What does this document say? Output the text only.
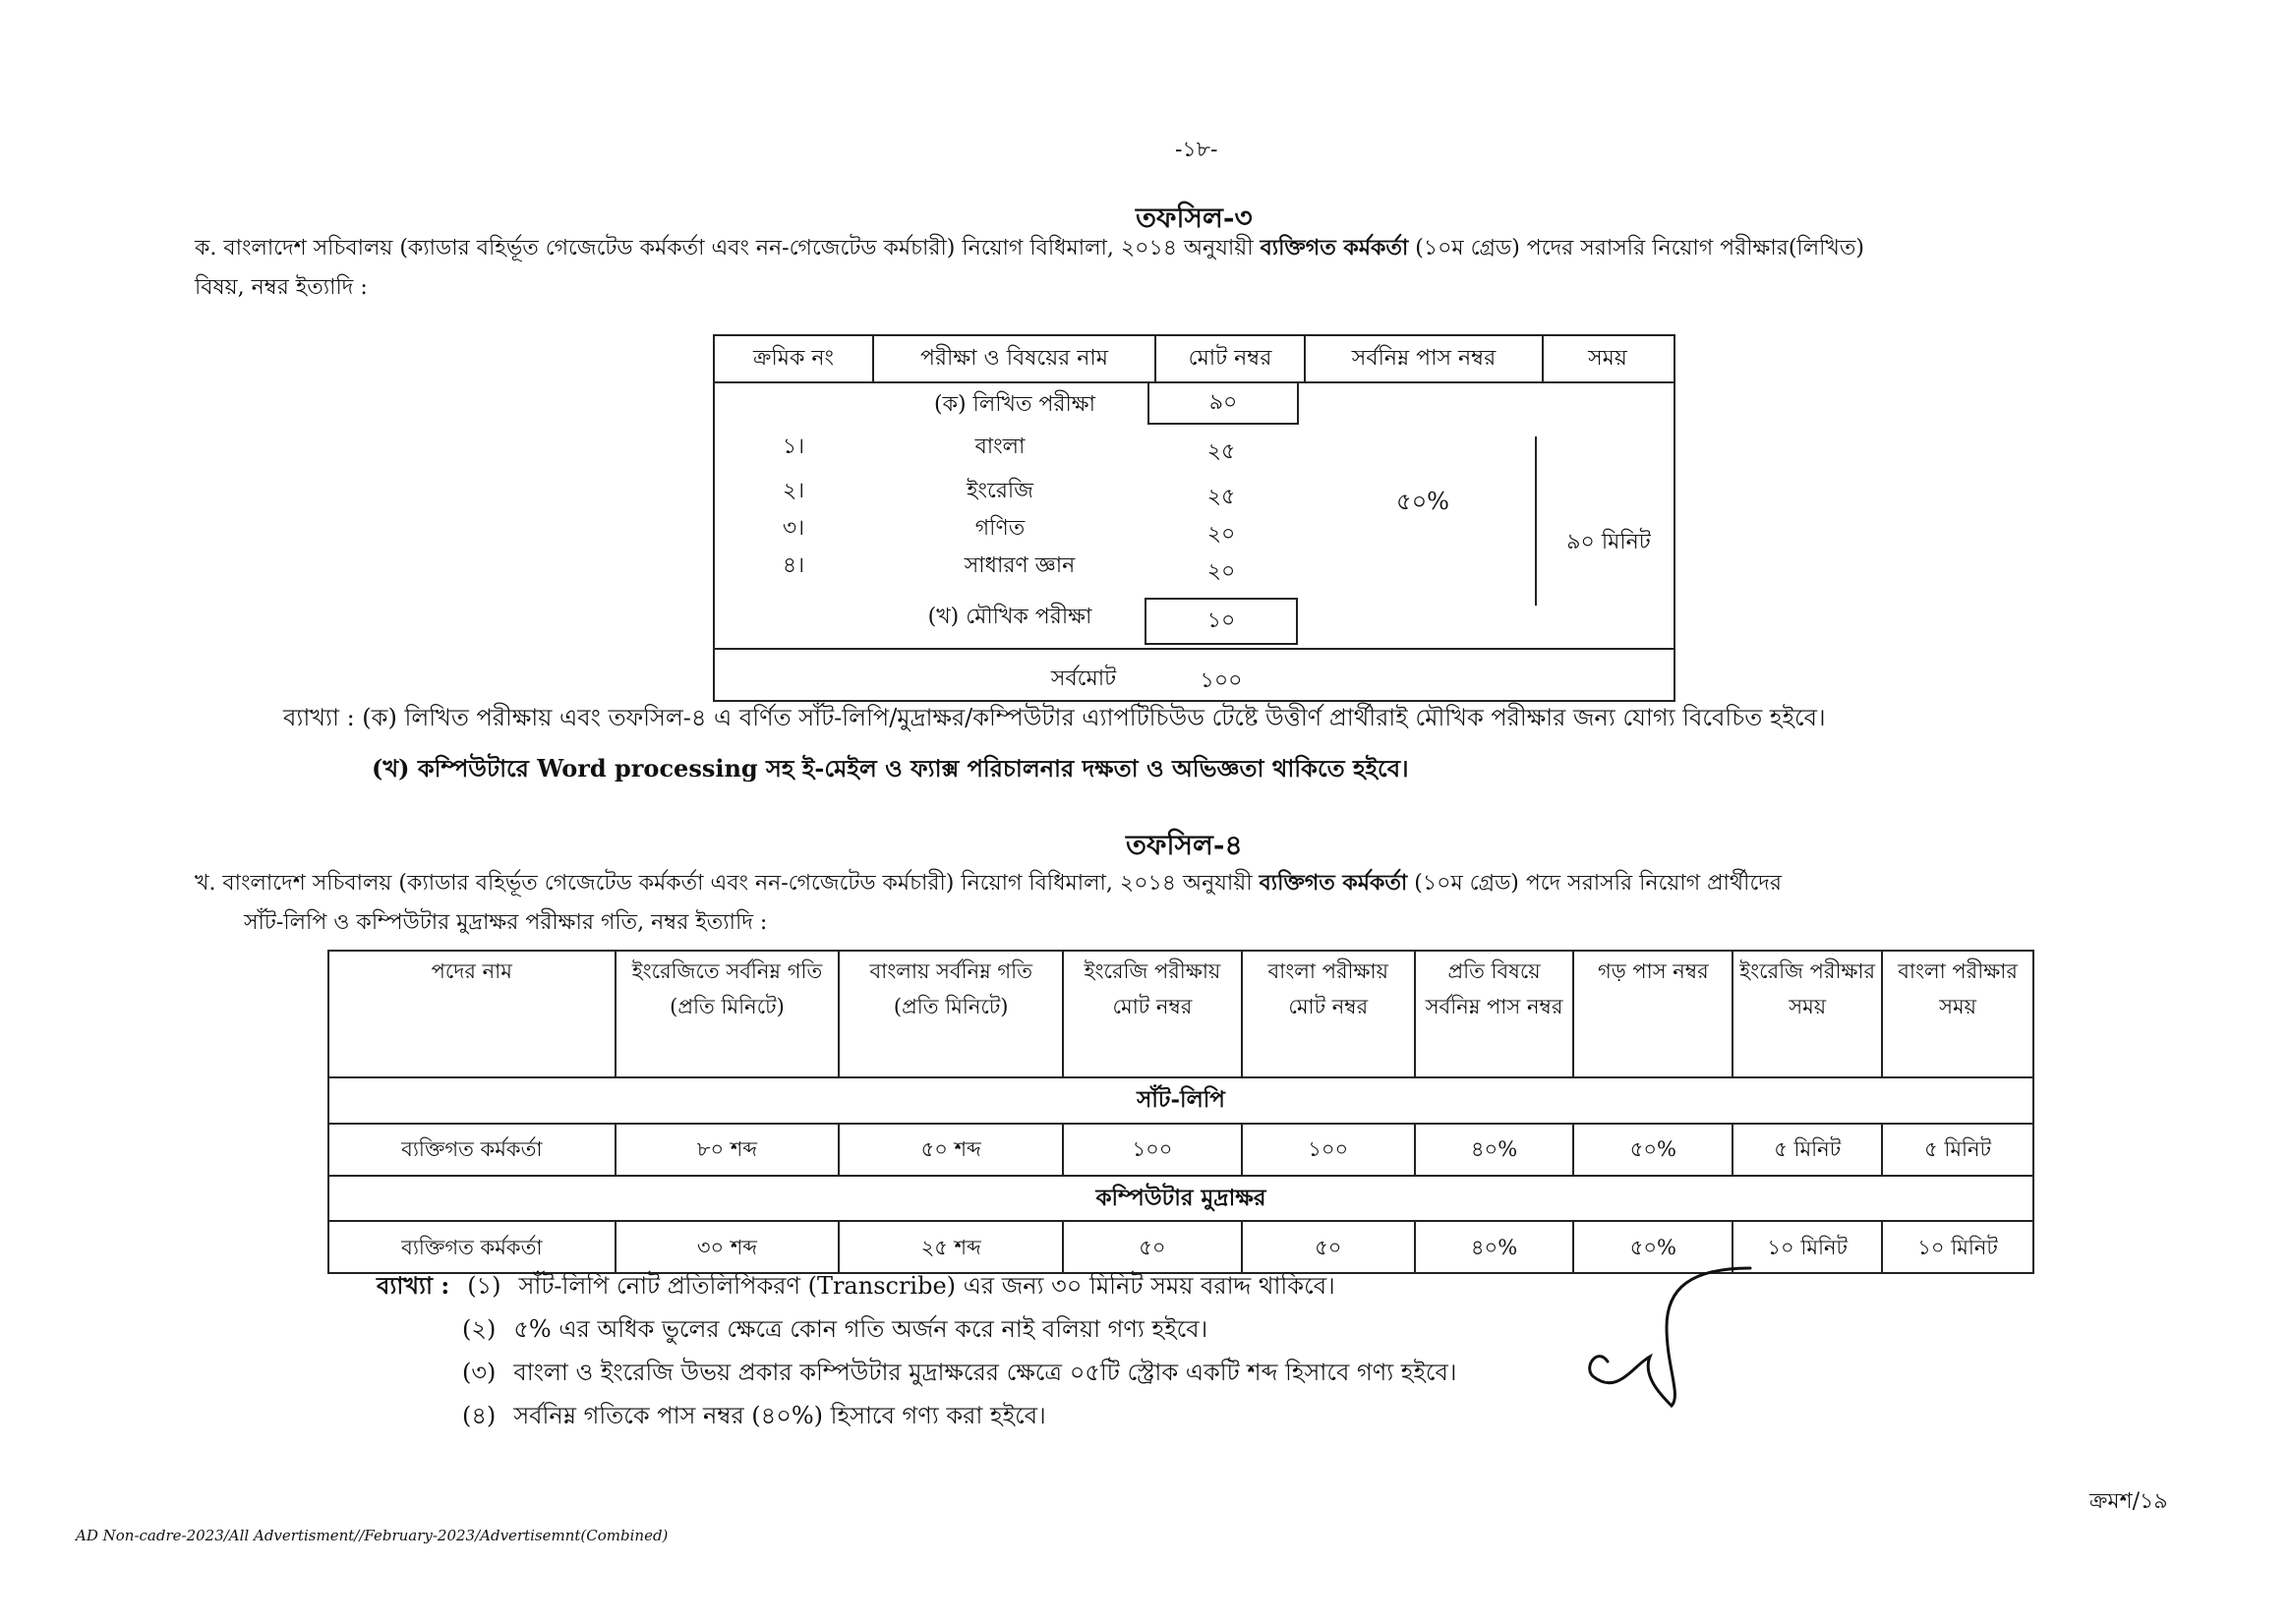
-১৮-
তফসিল-৩
ক. বাংলাদেশ সচিবালয় (ক্যাডার বহির্ভূত গেজেটেড কর্মকর্তা এবং নন-গেজেটেড কর্মচারী) নিয়োগ বিধিমালা, ২০১৪ অনুযায়ী ব্যক্তিগত কর্মকর্তা (১০ম গ্রেড) পদের সরাসরি নিয়োগ পরীক্ষার(লিখিত)
বিষয়, নম্বর ইত্যাদি :
ক্রমিক নং	পরীক্ষা ও বিষয়ের নাম	মোট নম্বর	সর্বনিম্ন পাস নম্বর	সময়
(ক) লিখিত পরীক্ষা	৯০
১।	বাংলা	২৫
২।	ইংরেজি	২৫
৩।	গণিত	২০
৪।	সাধারণ জ্ঞান	২০
৫০%
৯০ মিনিট
(খ) মৌখিক পরীক্ষা	১০
সর্বমোট	১০০
ব্যাখ্যা : (ক) লিখিত পরীক্ষায় এবং তফসিল-৪ এ বর্ণিত সাঁট-লিপি/মুদ্রাক্ষর/কম্পিউটার এ্যাপটিচিউড টেষ্টে উত্তীর্ণ প্রার্থীরাই মৌখিক পরীক্ষার জন্য যোগ্য বিবেচিত হইবে।
(খ) কম্পিউটারে Word processing সহ ই-মেইল ও ফ্যাক্স পরিচালনার দক্ষতা ও অভিজ্ঞতা থাকিতে হইবে।
তফসিল-৪
খ. বাংলাদেশ সচিবালয় (ক্যাডার বহির্ভূত গেজেটেড কর্মকর্তা এবং নন-গেজেটেড কর্মচারী) নিয়োগ বিধিমালা, ২০১৪ অনুযায়ী ব্যক্তিগত কর্মকর্তা (১০ম গ্রেড) পদে সরাসরি নিয়োগ প্রার্থীদের
সাঁট-লিপি ও কম্পিউটার মুদ্রাক্ষর পরীক্ষার গতি, নম্বর ইত্যাদি :
পদের নাম	ইংরেজিতে সর্বনিম্ন গতি (প্রতি মিনিটে)	বাংলায় সর্বনিম্ন গতি (প্রতি মিনিটে)	ইংরেজি পরীক্ষায় মোট নম্বর	বাংলা পরীক্ষায় মোট নম্বর	প্রতি বিষয়ে সর্বনিম্ন পাস নম্বর	গড় পাস নম্বর	ইংরেজি পরীক্ষার সময়	বাংলা পরীক্ষার সময়
সাঁট-লিপি								
ব্যক্তিগত কর্মকর্তা	৮০ শব্দ	৫০ শব্দ	১০০	১০০	৪০%	৫০%	৫ মিনিট	৫ মিনিট
কম্পিউটার মুদ্রাক্ষর								
ব্যক্তিগত কর্মকর্তা	৩০ শব্দ	২৫ শব্দ	৫০	৫০	৪০%	৫০%	১০ মিনিট	১০ মিনিট
ব্যাখ্যা : (১) সাঁট-লিপি নোট প্রতিলিপিকরণ (Transcribe) এর জন্য ৩০ মিনিট সময় বরাদ্দ থাকিবে।
(২) ৫% এর অধিক ভুলের ক্ষেত্রে কোন গতি অর্জন করে নাই বলিয়া গণ্য হইবে।
(৩) বাংলা ও ইংরেজি উভয় প্রকার কম্পিউটার মুদ্রাক্ষরের ক্ষেত্রে ০৫টি স্ট্রোক একটি শব্দ হিসাবে গণ্য হইবে।
(৪) সর্বনিম্ন গতিকে পাস নম্বর (৪০%) হিসাবে গণ্য করা হইবে।
ক্রমশ/১৯
AD Non-cadre-2023/All Advertisment//February-2023/Advertisemnt(Combined)
